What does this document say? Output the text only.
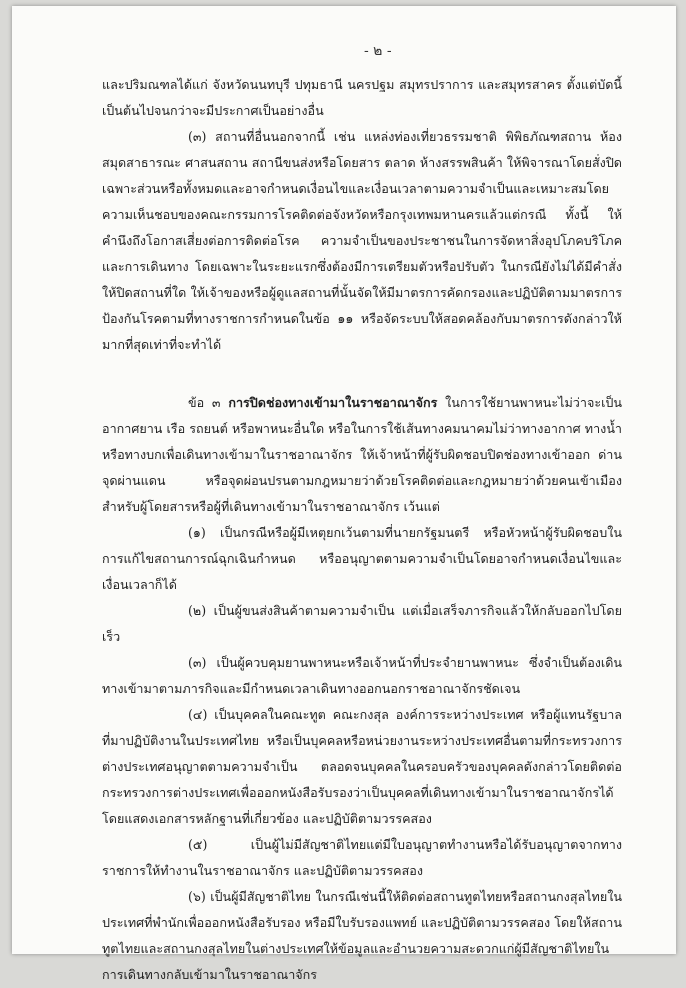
- ๒ -

และปริมณฑลได้แก่ จังหวัดนนทบุรี ปทุมธานี นครปฐม สมุทรปราการ และสมุทรสาคร ตั้งแต่บัดนี้เป็นต้นไปจนกว่าจะมีประกาศเป็นอย่างอื่น

(๓) สถานที่อื่นนอกจากนี้ เช่น แหล่งท่องเที่ยวธรรมชาติ พิพิธภัณฑสถาน ห้องสมุดสาธารณะ ศาสนสถาน สถานีขนส่งหรือโดยสาร ตลาด ห้างสรรพสินค้า ให้พิจารณาโดยสั่งปิดเฉพาะส่วนหรือทั้งหมดและอาจกำหนดเงื่อนไขและเงื่อนเวลาตามความจำเป็นและเหมาะสมโดยความเห็นชอบของคณะกรรมการโรคติดต่อจังหวัดหรือกรุงเทพมหานครแล้วแต่กรณี ทั้งนี้ ให้คำนึงถึงโอกาสเสี่ยงต่อการติดต่อโรค ความจำเป็นของประชาชนในการจัดหาสิ่งอุปโภคบริโภคและการเดินทาง โดยเฉพาะในระยะแรกซึ่งต้องมีการเตรียมตัวหรือปรับตัว ในกรณียังไม่ได้มีคำสั่งให้ปิดสถานที่ใด ให้เจ้าของหรือผู้ดูแลสถานที่นั้นจัดให้มีมาตรการคัดกรองและปฏิบัติตามมาตรการป้องกันโรคตามที่ทางราชการกำหนดในข้อ ๑๑ หรือจัดระบบให้สอดคล้องกับมาตรการดังกล่าวให้มากที่สุดเท่าที่จะทำได้

ข้อ ๓ การปิดช่องทางเข้ามาในราชอาณาจักร ในการใช้ยานพาหนะไม่ว่าจะเป็นอากาศยาน เรือ รถยนต์ หรือพาหนะอื่นใด หรือในการใช้เส้นทางคมนาคมไม่ว่าทางอากาศ ทางน้ำ หรือทางบกเพื่อเดินทางเข้ามาในราชอาณาจักร ให้เจ้าหน้าที่ผู้รับผิดชอบปิดช่องทางเข้าออก ด่าน จุดผ่านแดน หรือจุดผ่อนปรนตามกฎหมายว่าด้วยโรคติดต่อและกฎหมายว่าด้วยคนเข้าเมือง สำหรับผู้โดยสารหรือผู้ที่เดินทางเข้ามาในราชอาณาจักร เว้นแต่

(๑) เป็นกรณีหรือผู้มีเหตุยกเว้นตามที่นายกรัฐมนตรี หรือหัวหน้าผู้รับผิดชอบในการแก้ไขสถานการณ์ฉุกเฉินกำหนด หรืออนุญาตตามความจำเป็นโดยอาจกำหนดเงื่อนไขและเงื่อนเวลาก็ได้

(๒) เป็นผู้ขนส่งสินค้าตามความจำเป็น แต่เมื่อเสร็จภารกิจแล้วให้กลับออกไปโดยเร็ว

(๓) เป็นผู้ควบคุมยานพาหนะหรือเจ้าหน้าที่ประจำยานพาหนะ ซึ่งจำเป็นต้องเดินทางเข้ามาตามภารกิจและมีกำหนดเวลาเดินทางออกนอกราชอาณาจักรชัดเจน

(๔) เป็นบุคคลในคณะทูต คณะกงสุล องค์การระหว่างประเทศ หรือผู้แทนรัฐบาลที่มาปฏิบัติงานในประเทศไทย หรือเป็นบุคคลหรือหน่วยงานระหว่างประเทศอื่นตามที่กระทรวงการต่างประเทศอนุญาตตามความจำเป็น ตลอดจนบุคคลในครอบครัวของบุคคลดังกล่าวโดยติดต่อกระทรวงการต่างประเทศเพื่อออกหนังสือรับรองว่าเป็นบุคคลที่เดินทางเข้ามาในราชอาณาจักรได้โดยแสดงเอกสารหลักฐานที่เกี่ยวข้อง และปฏิบัติตามวรรคสอง

(๕) เป็นผู้ไม่มีสัญชาติไทยแต่มีใบอนุญาตทำงานหรือได้รับอนุญาตจากทางราชการให้ทำงานในราชอาณาจักร และปฏิบัติตามวรรคสอง

(๖) เป็นผู้มีสัญชาติไทย ในกรณีเช่นนี้ให้ติดต่อสถานทูตไทยหรือสถานกงสุลไทยในประเทศที่พำนักเพื่อออกหนังสือรับรอง หรือมีใบรับรองแพทย์ และปฏิบัติตามวรรคสอง โดยให้สถานทูตไทยและสถานกงสุลไทยในต่างประเทศให้ข้อมูลและอำนวยความสะดวกแก่ผู้มีสัญชาติไทยในการเดินทางกลับเข้ามาในราชอาณาจักร
